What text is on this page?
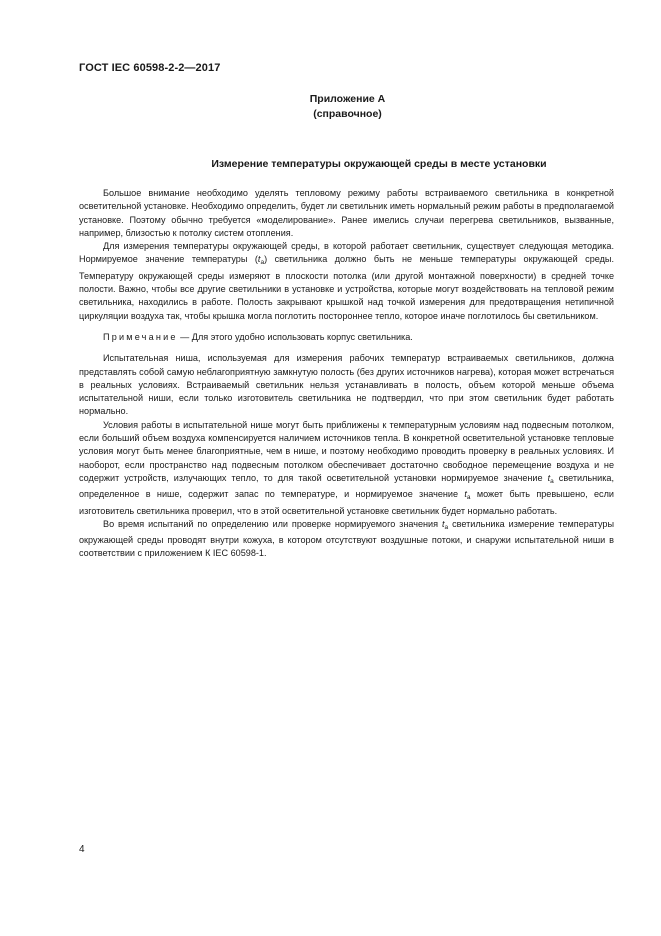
ГОСТ IEC 60598-2-2—2017
Приложение А
(справочное)
Измерение температуры окружающей среды в месте установки

Большое внимание необходимо уделять тепловому режиму работы встраиваемого светильника в конкретной осветительной установке. Необходимо определить, будет ли светильник иметь нормальный режим работы в предполагаемой установке. Поэтому обычно требуется «моделирование». Ранее имелись случаи перегрева светильников, вызванные, например, близостью к потолку систем отопления.

Для измерения температуры окружающей среды, в которой работает светильник, существует следующая методика. Нормируемое значение температуры $(t_a)$ светильника должно быть не меньше температуры окружающей среды. Температуру окружающей среды измеряют в плоскости потолка (или другой монтажной поверхности) в средней точке полости. Важно, чтобы все другие светильники в установке и устройства, которые могут воздействовать на тепловой режим светильника, находились в работе. Полость закрывают крышкой над точкой измерения для предотвращения нетипичной циркуляции воздуха так, чтобы крышка могла поглотить постороннее тепло, которое иначе поглотилось бы светильником.

Примечание — Для этого удобно использовать корпус светильника.

Испытательная ниша, используемая для измерения рабочих температур встраиваемых светильников, должна представлять собой самую неблагоприятную замкнутую полость (без других источников нагрева), которая может встречаться в реальных условиях. Встраиваемый светильник нельзя устанавливать в полость, объем которой меньше объема испытательной ниши, если только изготовитель светильника не подтвердил, что при этом светильник будет работать нормально.

Условия работы в испытательной нише могут быть приближены к температурным условиям над подвесным потолком, если больший объем воздуха компенсируется наличием источников тепла. В конкретной осветительной установке тепловые условия могут быть менее благоприятные, чем в нише, и поэтому необходимо проводить проверку в реальных условиях. И наоборот, если пространство над подвесным потолком обеспечивает достаточно свободное перемещение воздуха и не содержит устройств, излучающих тепло, то для такой осветительной установки нормируемое значение $t_a$ светильника, определенное в нише, содержит запас по температуре, и нормируемое значение $t_a$ может быть превышено, если изготовитель светильника проверил, что в этой осветительной установке светильник будет нормально работать.

Во время испытаний по определению или проверке нормируемого значения $t_a$ светильника измерение температуры окружающей среды проводят внутри кожуха, в котором отсутствуют воздушные потоки, и снаружи испытательной ниши в соответствии с приложением К IEC 60598-1.

4
